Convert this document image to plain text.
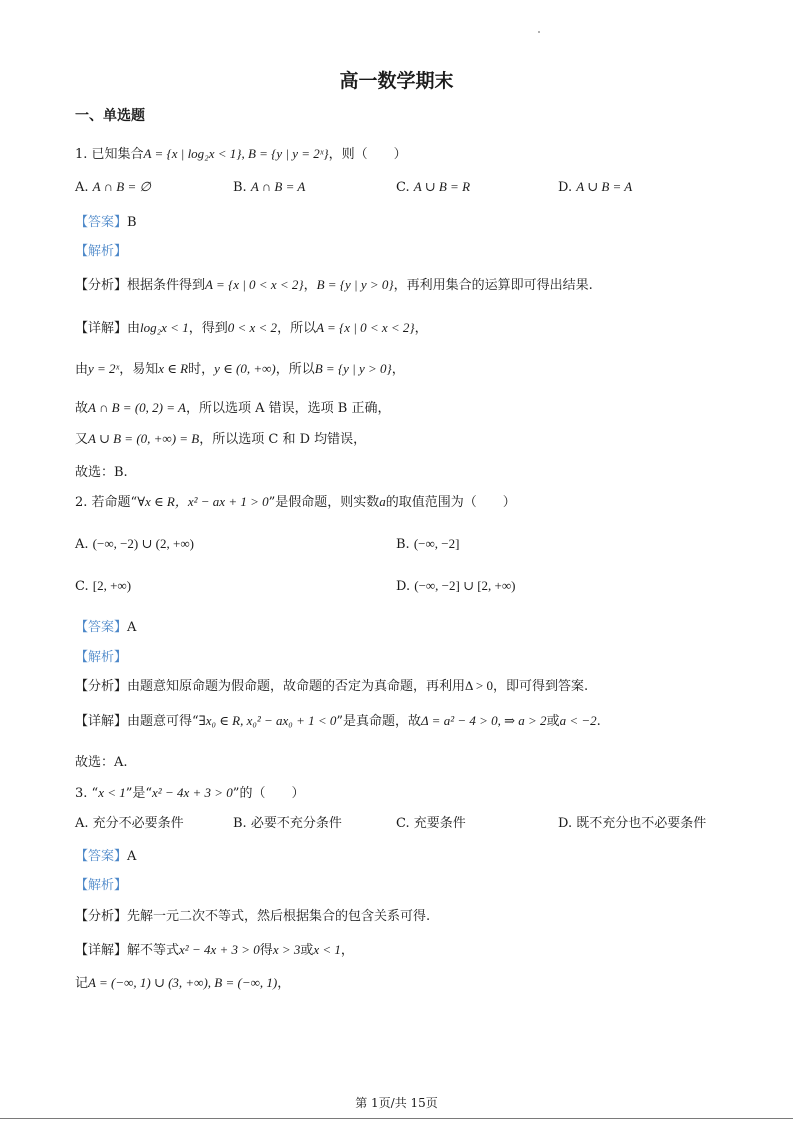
高一数学期末
一、单选题
1. 已知集合A = {x | log₂x < 1}, B = {y | y = 2ˣ}，则（　　）
A. A ∩ B = ∅	B. A ∩ B = A	C. A ∪ B = R	D. A ∪ B = A
【答案】B
【解析】
【分析】根据条件得到A = {x | 0 < x < 2}，B = {y | y > 0}，再利用集合的运算即可得出结果.
【详解】由log₂x < 1，得到0 < x < 2，所以A = {x | 0 < x < 2}，
由y = 2ˣ，易知x ∈ R时，y ∈ (0, +∞)，所以B = {y | y > 0}，
故A ∩ B = (0, 2) = A，所以选项 A 错误，选项 B 正确，
又A ∪ B = (0, +∞) = B，所以选项 C 和 D 均错误，
故选：B.
2. 若命题“∀x ∈ R，x² − ax + 1 > 0”是假命题，则实数a的取值范围为（　　）
A. (−∞, −2) ∪ (2, +∞)	B. (−∞, −2]
C. [2, +∞)	D. (−∞, −2] ∪ [2, +∞)
【答案】A
【解析】
【分析】由题意知原命题为假命题，故命题的否定为真命题，再利用Δ > 0，即可得到答案.
【详解】由题意可得“∃x₀ ∈ R, x₀² − ax₀ + 1 < 0”是真命题，故Δ = a² − 4 > 0, ⇒ a > 2或a < −2.
故选：A.
3. “x < 1”是“x² − 4x + 3 > 0”的（　　）
A. 充分不必要条件	B. 必要不充分条件	C. 充要条件	D. 既不充分也不必要条件
【答案】A
【解析】
【分析】先解一元二次不等式，然后根据集合的包含关系可得.
【详解】解不等式x² − 4x + 3 > 0得x > 3或x < 1，
记A = (−∞, 1) ∪ (3, +∞), B = (−∞, 1)，
第 1页/共 15页
